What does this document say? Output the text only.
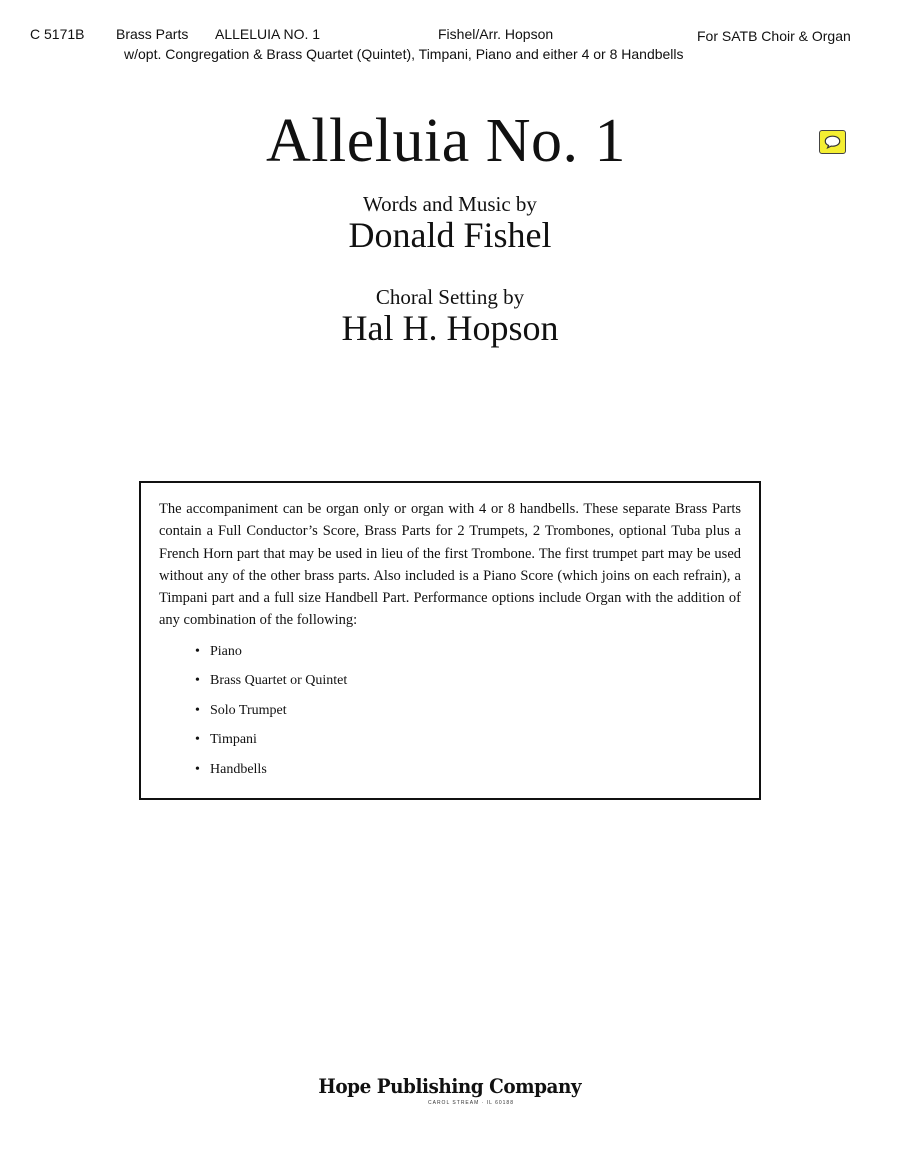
C 5171B Brass Parts ALLELUIA NO. 1	Fishel/Arr. Hopson	For SATB Choir & Organ
w/opt. Congregation & Brass Quartet (Quintet), Timpani, Piano and either 4 or 8 Handbells
Alleluia No. 1
Words and Music by
Donald Fishel
Choral Setting by
Hal H. Hopson

The accompaniment can be organ only or organ with 4 or 8 handbells. These separate Brass Parts contain a Full Conductor’s Score, Brass Parts for 2 Trumpets, 2 Trombones, optional Tuba plus a French Horn part that may be used in lieu of the first Trombone. The first trumpet part may be used without any of the other brass parts. Also included is a Piano Score (which joins on each refrain), a Timpani part and a full size Handbell Part. Performance options include Organ with the addition of any combination of the following:

• Piano
• Brass Quartet or Quintet
• Solo Trumpet
• Timpani
• Handbells
Hope Publishing Company
CAROL STREAM · IL 60188
